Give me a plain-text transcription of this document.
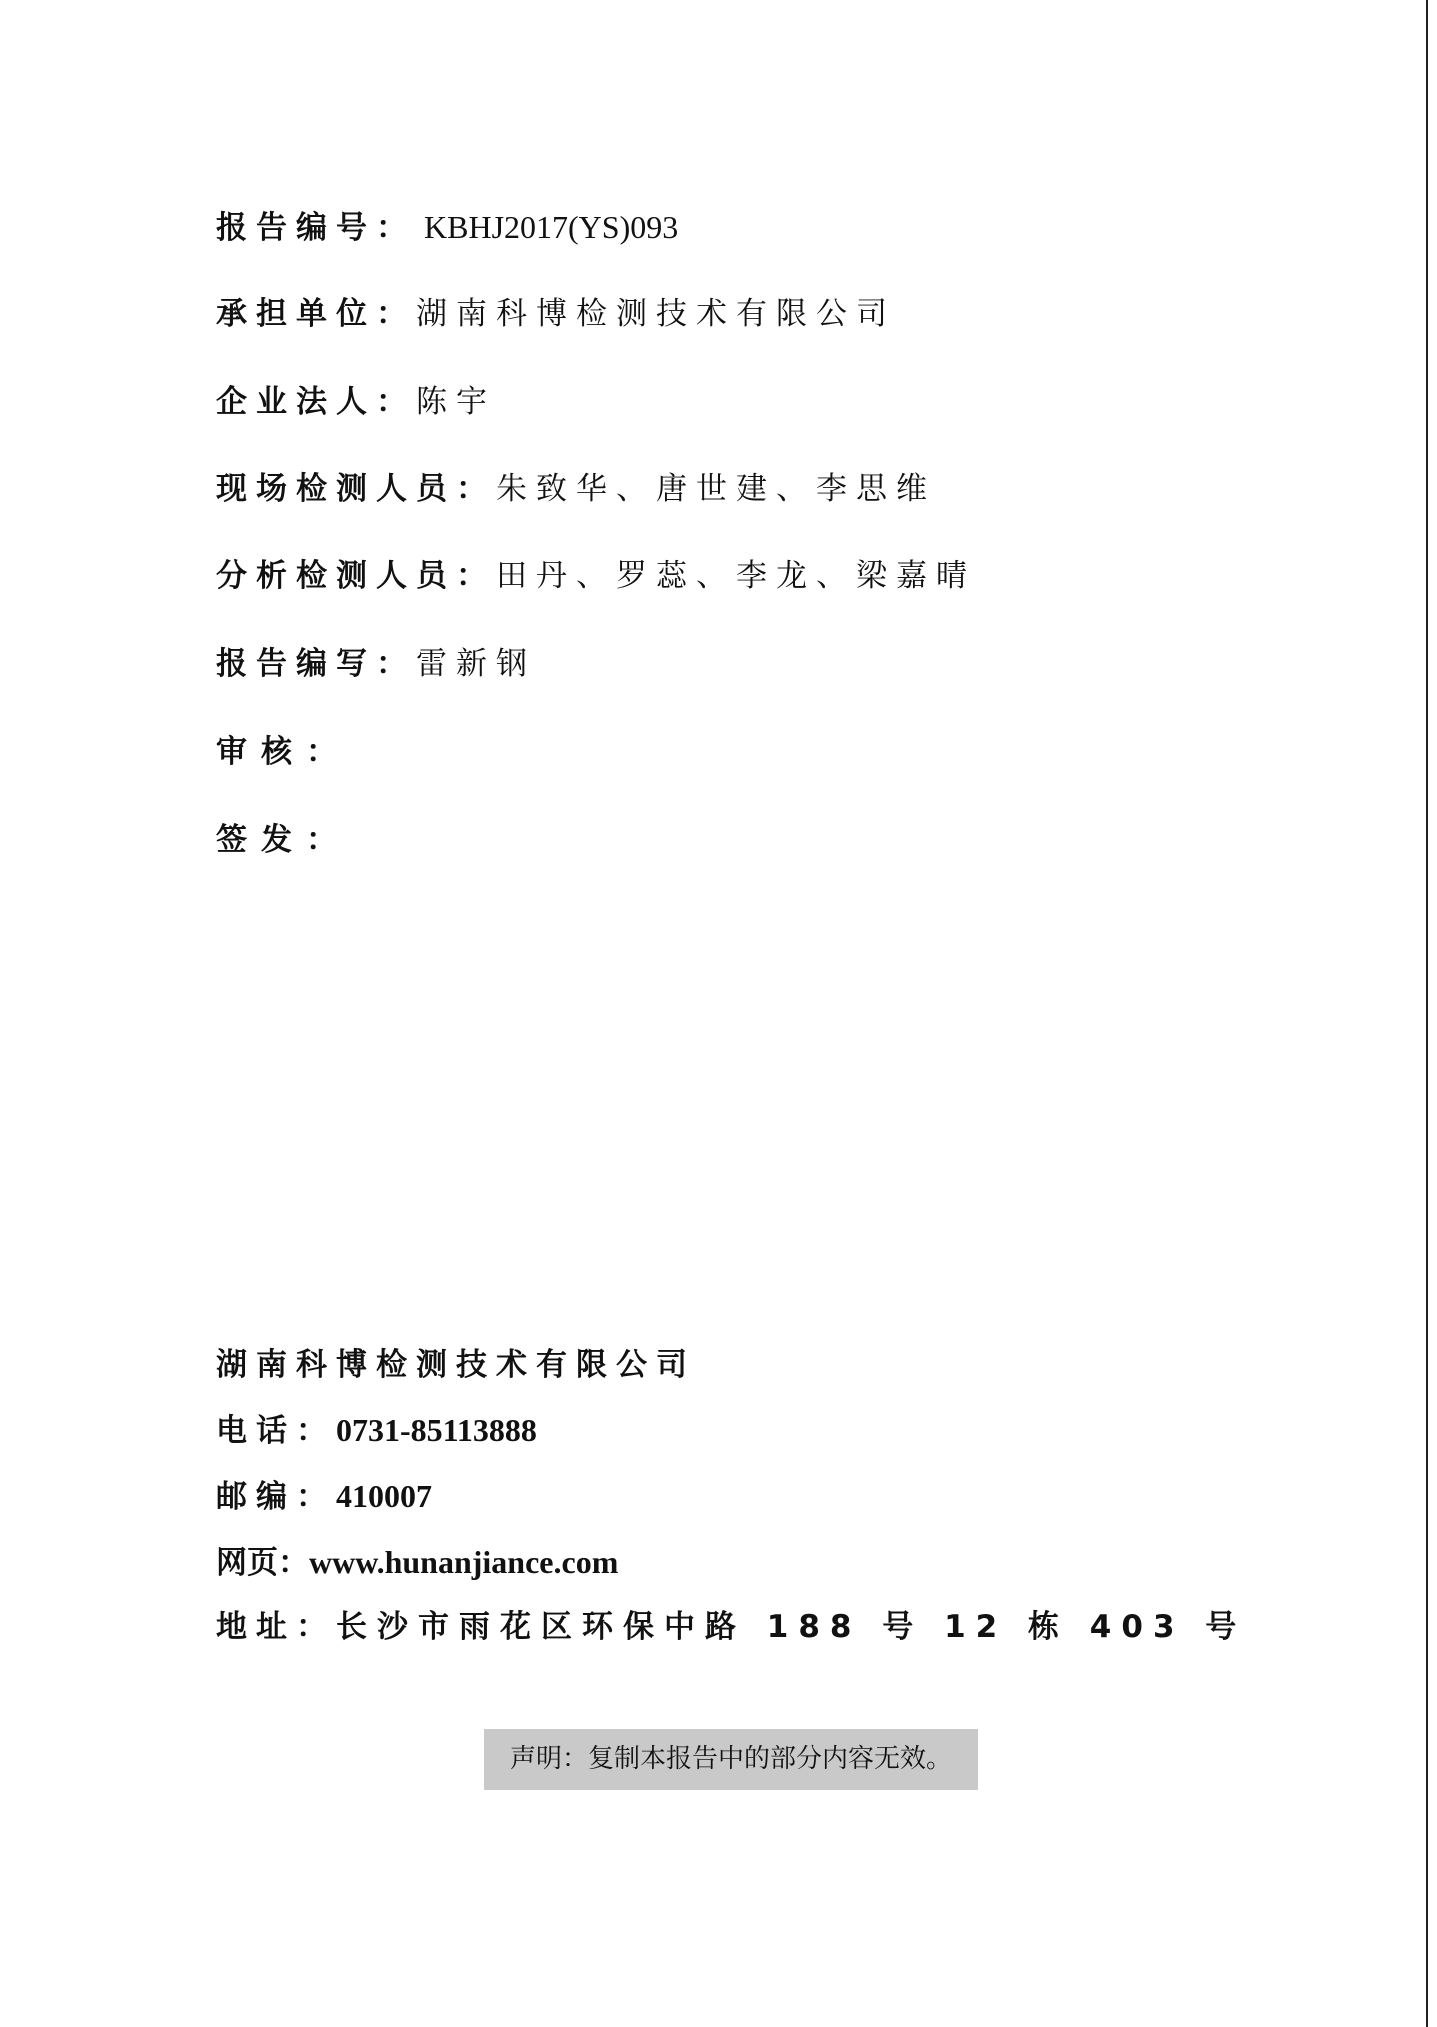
报告编号： KBHJ2017(YS)093
承担单位：湖南科博检测技术有限公司
企业法人：陈宇
现场检测人员：朱致华、唐世建、李思维
分析检测人员：田丹、罗蕊、李龙、梁嘉晴
报告编写：雷新钢
审核：
签发：
湖南科博检测技术有限公司
电话：0731-85113888
邮编：410007
网页：www.hunanjiance.com
地址：长沙市雨花区环保中路 188 号 12 栋 403 号
声明：复制本报告中的部分内容无效。
